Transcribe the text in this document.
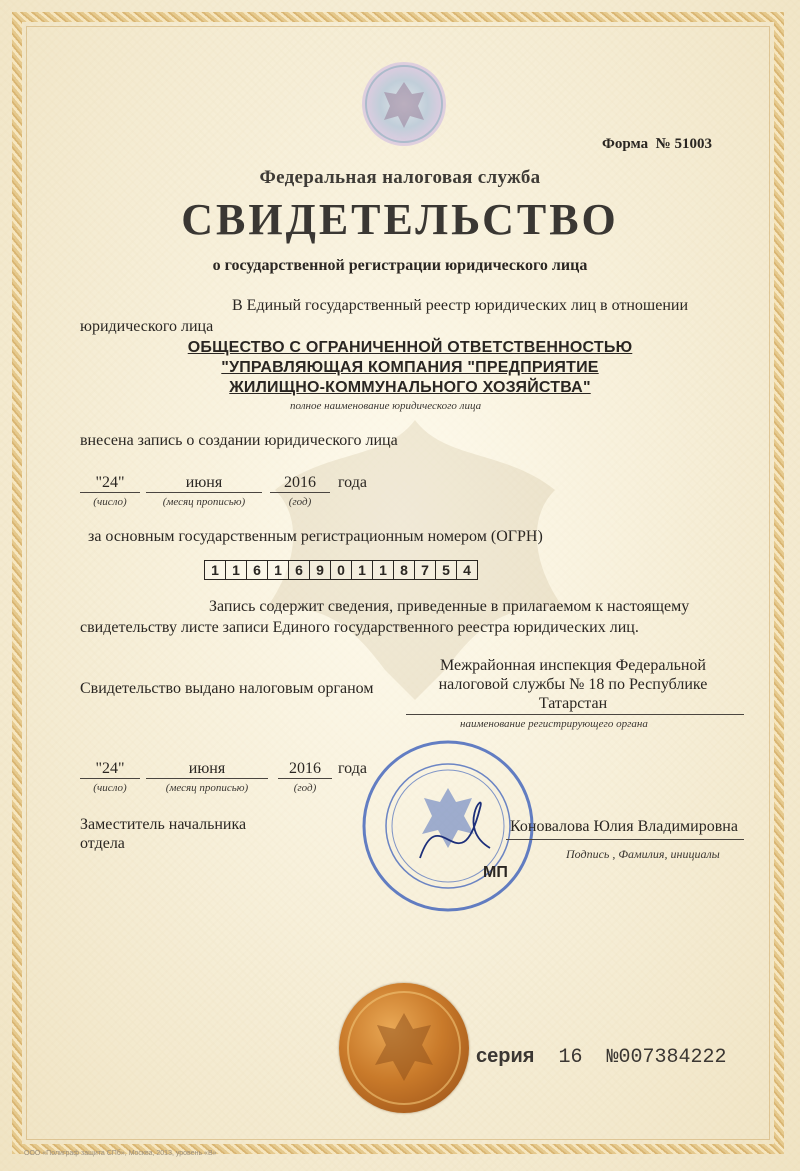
Форма № 51003
Федеральная налоговая служба
СВИДЕТЕЛЬСТВО
о государственной регистрации юридического лица
В Единый государственный реестр юридических лиц в отношении
юридического лица
ОБЩЕСТВО С ОГРАНИЧЕННОЙ ОТВЕТСТВЕННОСТЬЮ
"УПРАВЛЯЮЩАЯ КОМПАНИЯ "ПРЕДПРИЯТИЕ
ЖИЛИЩНО-КОММУНАЛЬНОГО ХОЗЯЙСТВА"
полное наименование юридического лица
внесена запись о создании юридического лица
"24"	июня	2016	года
(число)	(месяц прописью)	(год)
за основным государственным регистрационным номером (ОГРН)
1 1 6 1 6 9 0 1 1 8 7 5 4
Запись содержит сведения, приведенные в прилагаемом к настоящему
свидетельству листе записи Единого государственного реестра юридических лиц.
Свидетельство выдано налоговым органом
Межрайонная инспекция Федеральной
налоговой службы № 18 по Республике
Татарстан
наименование регистрирующего органа
"24"	июня	2016	года
(число)	(месяц прописью)	(год)
Заместитель начальника
отдела
Коновалова Юлия Владимировна
Подпись , Фамилия, инициалы
МП
серия 16 №007384222
ООО «Полиграф защита СПб», Москва, 2013, уровень «В»
